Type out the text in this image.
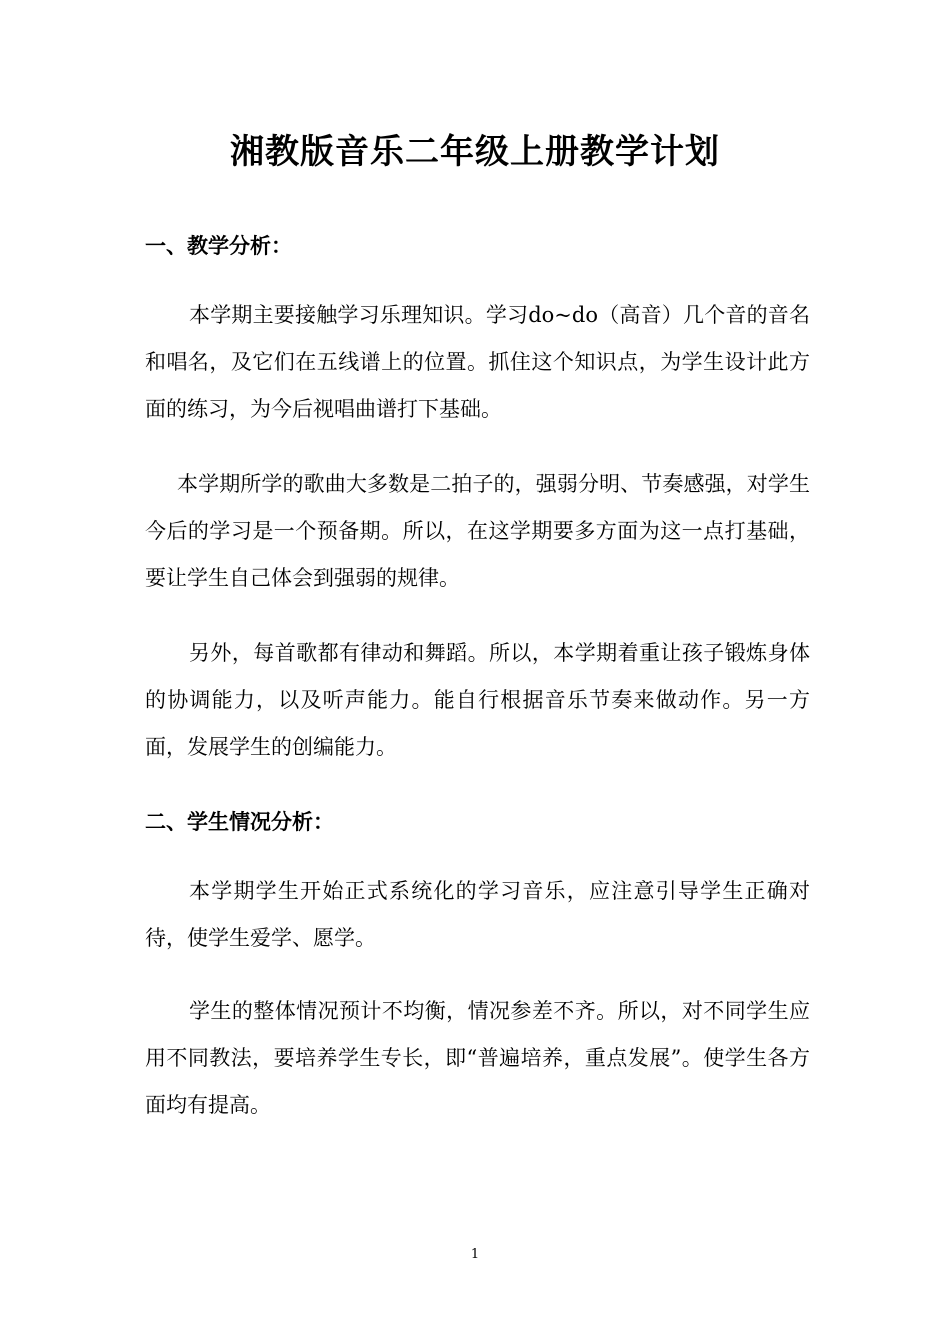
湘教版音乐二年级上册教学计划
一、教学分析：

本学期主要接触学习乐理知识。学习do~do（高音）几个音的音名和唱名，及它们在五线谱上的位置。抓住这个知识点，为学生设计此方面的练习，为今后视唱曲谱打下基础。

本学期所学的歌曲大多数是二拍子的，强弱分明、节奏感强，对学生今后的学习是一个预备期。所以，在这学期要多方面为这一点打基础，要让学生自己体会到强弱的规律。

另外，每首歌都有律动和舞蹈。所以，本学期着重让孩子锻炼身体的协调能力，以及听声能力。能自行根据音乐节奏来做动作。另一方面，发展学生的创编能力。

二、学生情况分析：

本学期学生开始正式系统化的学习音乐，应注意引导学生正确对待，使学生爱学、愿学。

学生的整体情况预计不均衡，情况参差不齐。所以，对不同学生应用不同教法，要培养学生专长，即“普遍培养，重点发展”。使学生各方面均有提高。

1
